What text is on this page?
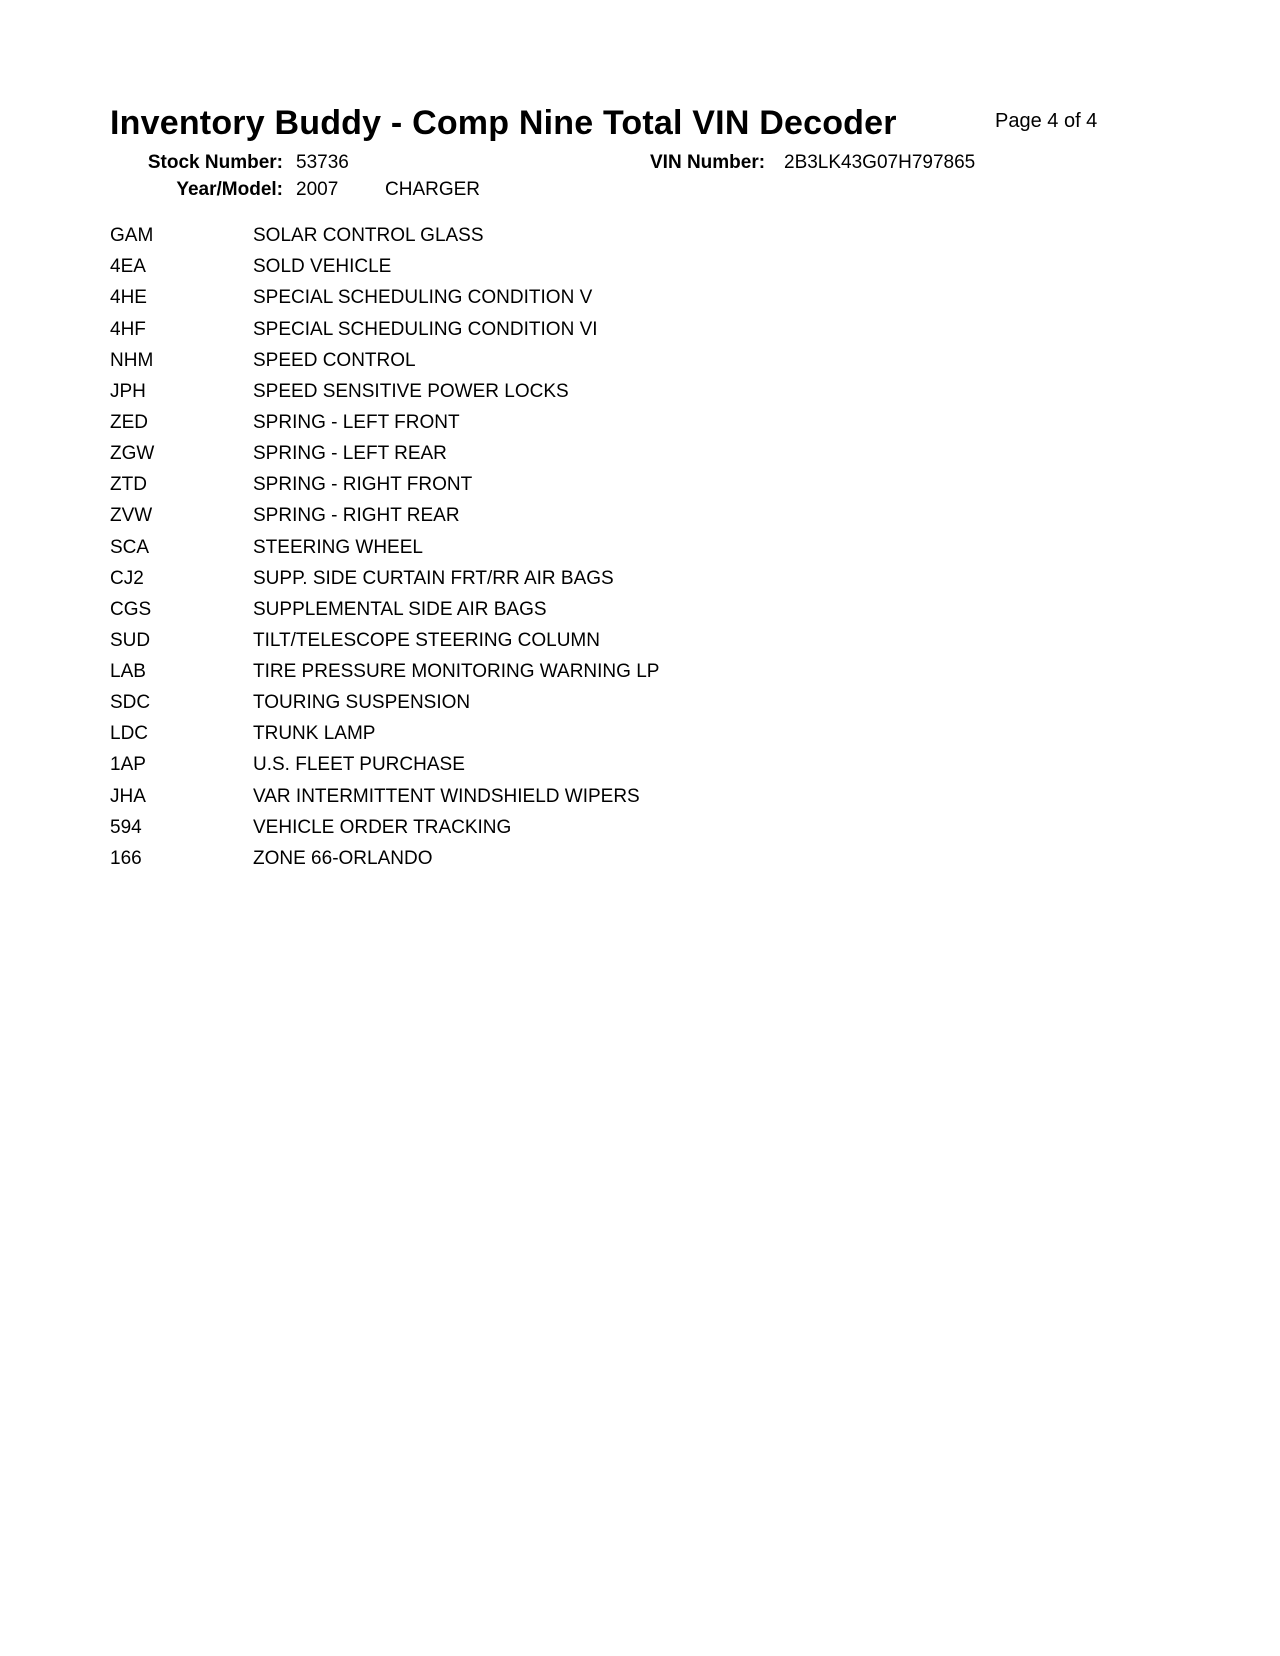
Inventory Buddy - Comp Nine Total VIN Decoder	Page 4 of 4
Stock Number: 53736	VIN Number: 2B3LK43G07H797865
Year/Model: 2007 CHARGER
GAM	SOLAR CONTROL GLASS
4EA	SOLD VEHICLE
4HE	SPECIAL SCHEDULING CONDITION V
4HF	SPECIAL SCHEDULING CONDITION VI
NHM	SPEED CONTROL
JPH	SPEED SENSITIVE POWER LOCKS
ZED	SPRING - LEFT FRONT
ZGW	SPRING - LEFT REAR
ZTD	SPRING - RIGHT FRONT
ZVW	SPRING - RIGHT REAR
SCA	STEERING WHEEL
CJ2	SUPP. SIDE CURTAIN FRT/RR AIR BAGS
CGS	SUPPLEMENTAL SIDE AIR BAGS
SUD	TILT/TELESCOPE STEERING COLUMN
LAB	TIRE PRESSURE MONITORING WARNING LP
SDC	TOURING SUSPENSION
LDC	TRUNK LAMP
1AP	U.S. FLEET PURCHASE
JHA	VAR INTERMITTENT WINDSHIELD WIPERS
594	VEHICLE ORDER TRACKING
166	ZONE 66-ORLANDO
